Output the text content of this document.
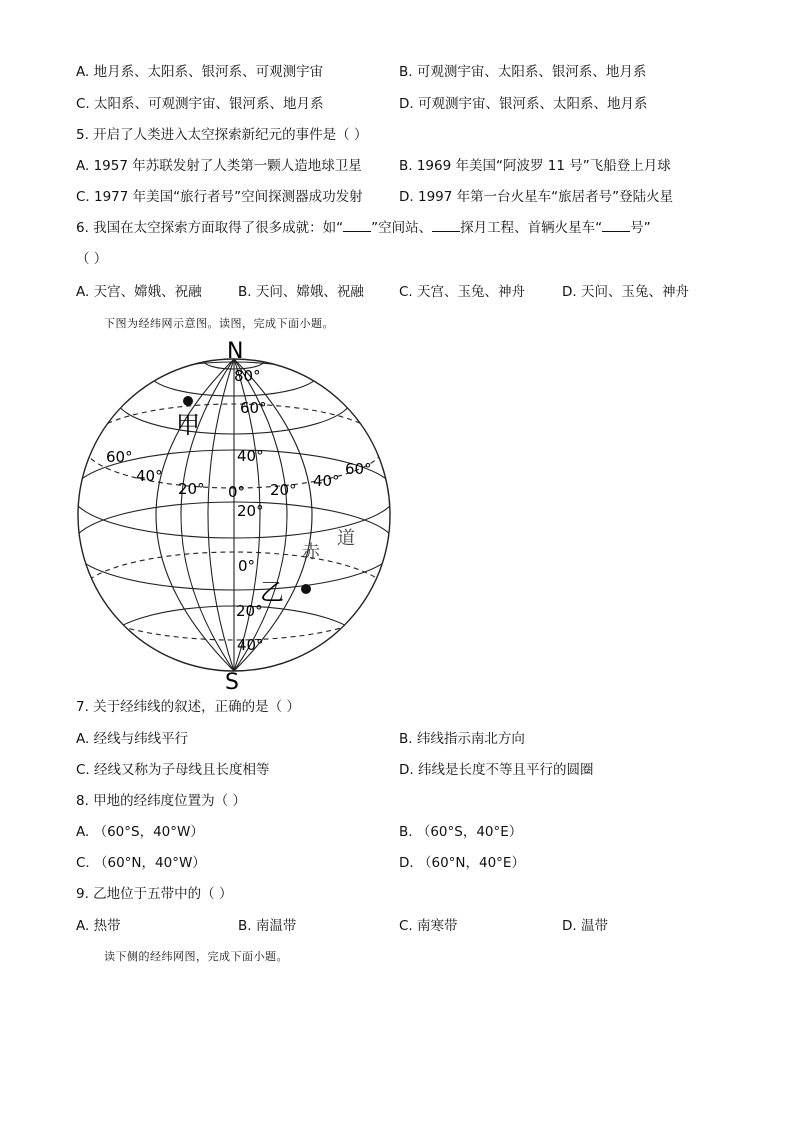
A. 地月系、太阳系、银河系、可观测宇宙	B. 可观测宇宙、太阳系、银河系、地月系
C. 太阳系、可观测宇宙、银河系、地月系	D. 可观测宇宙、银河系、太阳系、地月系
5. 开启了人类进入太空探索新纪元的事件是（ ）
A. 1957 年苏联发射了人类第一颗人造地球卫星	B. 1969 年美国“阿波罗 11 号”飞船登上月球
C. 1977 年美国“旅行者号”空间探测器成功发射	D. 1997 年第一台火星车“旅居者号”登陆火星
6. 我国在太空探索方面取得了很多成就：如“ ”空间站、 探月工程、首辆火星车“ 号”
（ ）
A. 天宫、嫦娥、祝融	B. 天问、嫦娥、祝融	C. 天宫、玉兔、神舟	D. 天问、玉兔、神舟
下图为经纬网示意图。读图，完成下面小题。
N
S
80°
60°
40°
20°
0°
20°
40°
60°
40°
20° 0° 20° 40°
60°
赤
道
甲
乙
7. 关于经纬线的叙述，正确的是（ ）
A. 经线与纬线平行	B. 纬线指示南北方向
C. 经线又称为子母线且长度相等	D. 纬线是长度不等且平行的圆圈
8. 甲地的经纬度位置为（ ）
A. （60°S，40°W）	B. （60°S，40°E）
C. （60°N，40°W）	D. （60°N，40°E）
9. 乙地位于五带中的（ ）
A. 热带	B. 南温带	C. 南寒带	D. 温带
读下侧的经纬网图，完成下面小题。
